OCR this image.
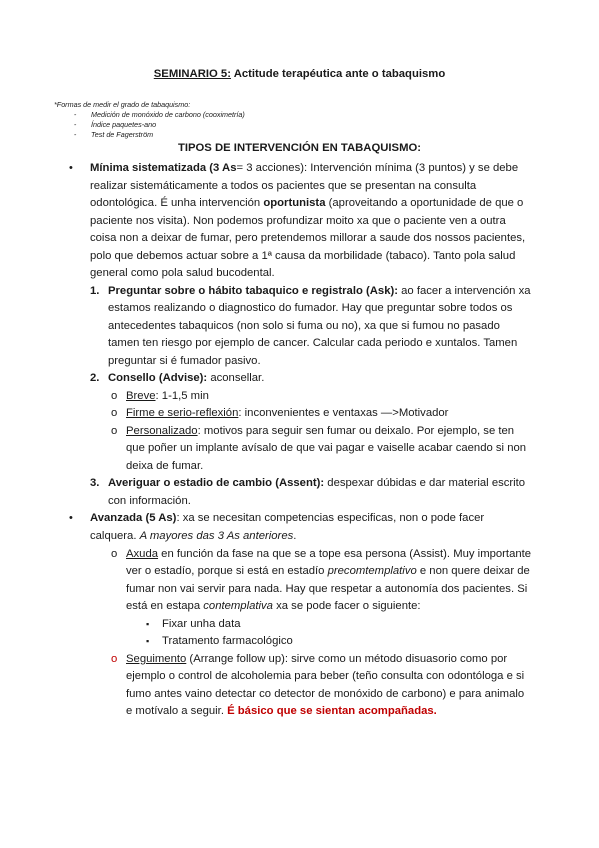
SEMINARIO 5: Actitude terapéutica ante o tabaquismo
*Formas de medir el grado de tabaquismo:
- Medición de monóxido de carbono (cooximetría)
- Índice paquetes-ano
- Test de Fagerström
TIPOS DE INTERVENCIÓN EN TABAQUISMO:
• Mínima sistematizada (3 As= 3 acciones): Intervención mínima (3 puntos) y se debe
realizar sistemáticamente a todos os pacientes que se presentan na consulta
odontológica. É unha intervención oportunista (aproveitando a oportunidade de que o
paciente nos visita). Non podemos profundizar moito xa que o paciente ven a outra
coisa non a deixar de fumar, pero pretendemos millorar a saude dos nossos pacientes,
polo que debemos actuar sobre a 1ª causa da morbilidade (tabaco). Tanto pola salud
general como pola salud bucodental.
1. Preguntar sobre o hábito tabaquico e registralo (Ask): ao facer a intervención xa
estamos realizando o diagnostico do fumador. Hay que preguntar sobre todos os
antecedentes tabaquicos (non solo si fuma ou no), xa que si fumou no pasado
tamen ten riesgo por ejemplo de cancer. Calcular cada periodo e xuntalos. Tamen
preguntar si é fumador pasivo.
2. Consello (Advise): aconsellar.
o Breve: 1-1,5 min
o Firme e serio-reflexión: inconvenientes e ventaxas —>Motivador
o Personalizado: motivos para seguir sen fumar ou deixalo. Por ejemplo, se ten
que poñer un implante avísalo de que vai pagar e vaiselle acabar caendo si non
deixa de fumar.
3. Averiguar o estadio de cambio (Assent): despexar dúbidas e dar material escrito
con información.
• Avanzada (5 As): xa se necesitan competencias especificas, non o pode facer
calquera. A mayores das 3 As anteriores.
o Axuda en función da fase na que se a tope esa persona (Assist). Muy importante
ver o estadío, porque si está en estadío precomtemplativo e non quere deixar de
fumar non vai servir para nada. Hay que respetar a autonomía dos pacientes. Si
está en estapa contemplativa xa se pode facer o siguiente:
▪ Fixar unha data
▪ Tratamento farmacológico
o Seguimento (Arrange follow up): sirve como un método disuasorio como por
ejemplo o control de alcoholemia para beber (teño consulta con odontóloga e si
fumo antes vaino detectar co detector de monóxido de carbono) e para animalo
e motívalo a seguir. É básico que se sientan acompañadas.
